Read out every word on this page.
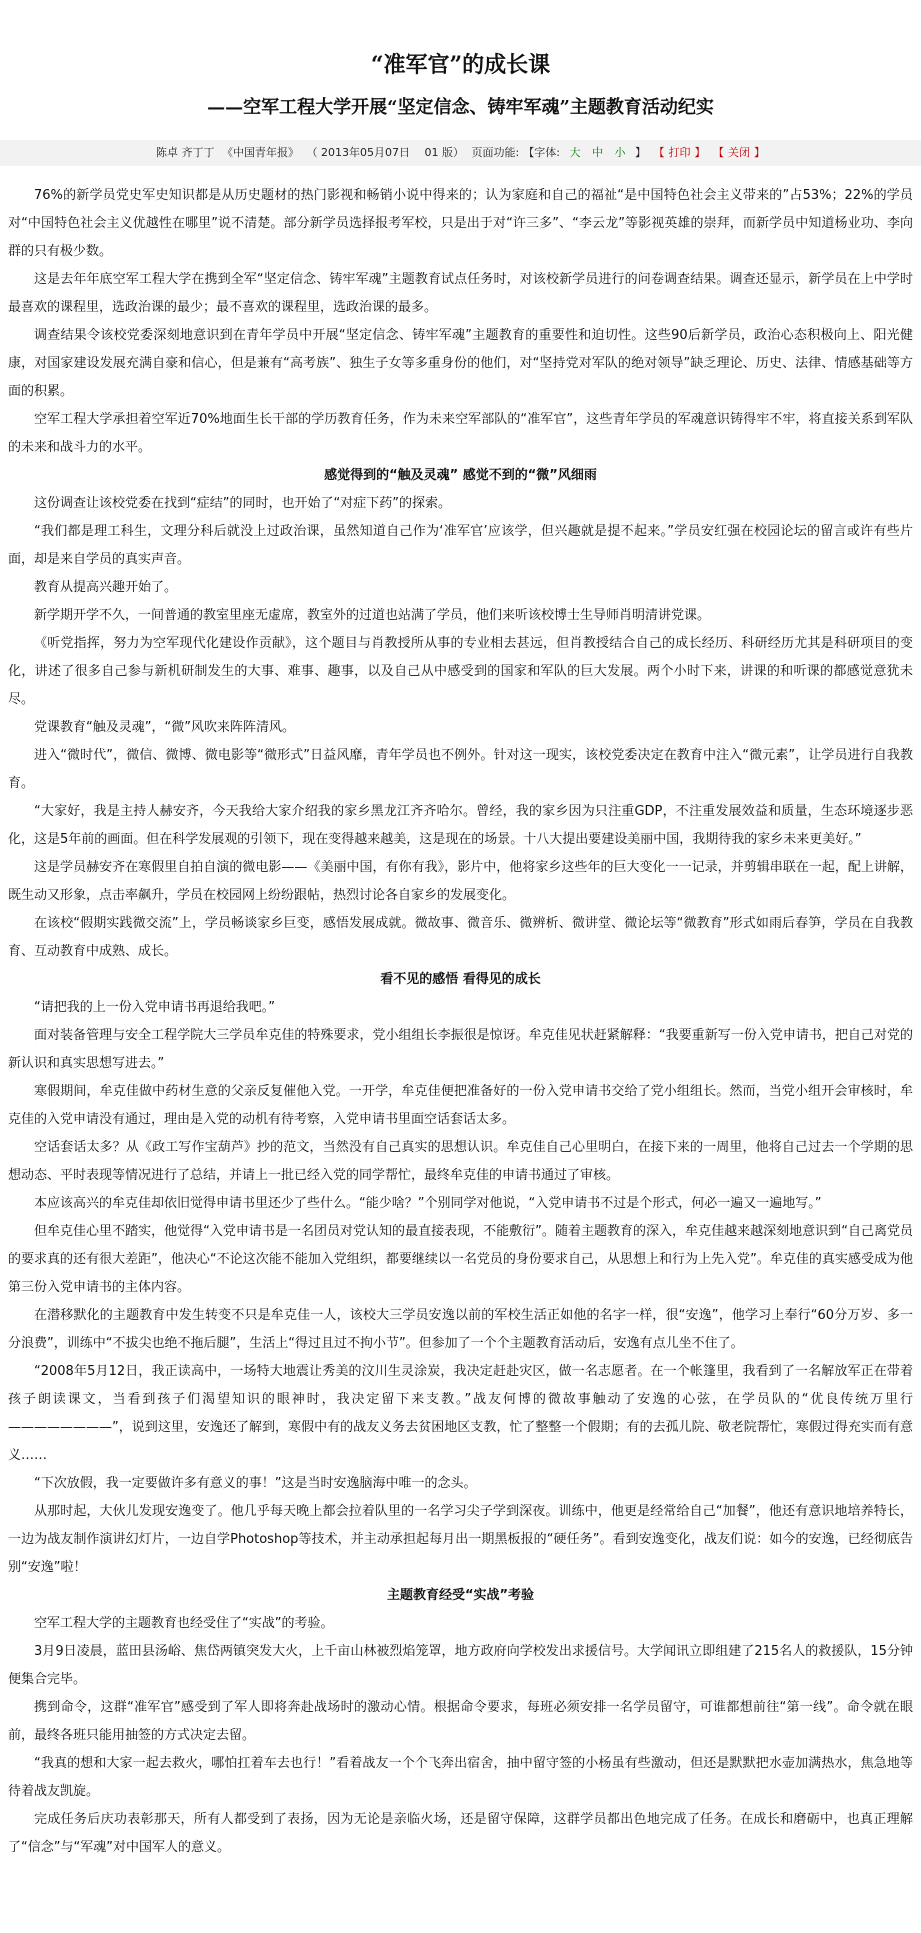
“准军官”的成长课
——空军工程大学开展“坚定信念、铸牢军魂”主题教育活动纪实
陈卓 齐丁丁 《中国青年报》 （ 2013年05月07日　 01 版） 页面功能: 【字体: 大 中 小 】 【 打印 】 【 关闭 】

76%的新学员党史军史知识都是从历史题材的热门影视和畅销小说中得来的；认为家庭和自己的福祉“是中国特色社会主义带来的”占53%；22%的学员对“中国特色社会主义优越性在哪里”说不清楚。部分新学员选择报考军校，只是出于对“许三多”、“李云龙”等影视英雄的崇拜，而新学员中知道杨业功、李向群的只有极少数。

这是去年年底空军工程大学在携到全军“坚定信念、铸牢军魂”主题教育试点任务时，对该校新学员进行的问卷调查结果。调查还显示，新学员在上中学时最喜欢的课程里，选政治课的最少；最不喜欢的课程里，选政治课的最多。

调查结果令该校党委深刻地意识到在青年学员中开展“坚定信念、铸牢军魂”主题教育的重要性和迫切性。这些90后新学员，政治心态积极向上、阳光健康，对国家建设发展充满自豪和信心，但是兼有“高考族”、独生子女等多重身份的他们，对“坚持党对军队的绝对领导”缺乏理论、历史、法律、情感基础等方面的积累。

空军工程大学承担着空军近70%地面生长干部的学历教育任务，作为未来空军部队的“准军官”，这些青年学员的军魂意识铸得牢不牢，将直接关系到军队的未来和战斗力的水平。

感觉得到的“触及灵魂” 感觉不到的“微”风细雨

这份调查让该校党委在找到“症结”的同时，也开始了“对症下药”的探索。

“我们都是理工科生，文理分科后就没上过政治课，虽然知道自己作为‘准军官’应该学，但兴趣就是提不起来。”学员安红强在校园论坛的留言或许有些片面，却是来自学员的真实声音。

教育从提高兴趣开始了。

新学期开学不久，一间普通的教室里座无虚席，教室外的过道也站满了学员，他们来听该校博士生导师肖明清讲党课。

《听党指挥，努力为空军现代化建设作贡献》，这个题目与肖教授所从事的专业相去甚远，但肖教授结合自己的成长经历、科研经历尤其是科研项目的变化，讲述了很多自己参与新机研制发生的大事、难事、趣事，以及自己从中感受到的国家和军队的巨大发展。两个小时下来，讲课的和听课的都感觉意犹未尽。

党课教育“触及灵魂”，“微”风吹来阵阵清风。

进入“微时代”，微信、微博、微电影等“微形式”日益风靡，青年学员也不例外。针对这一现实，该校党委决定在教育中注入“微元素”，让学员进行自我教育。

“大家好，我是主持人赫安齐，今天我给大家介绍我的家乡黑龙江齐齐哈尔。曾经，我的家乡因为只注重GDP，不注重发展效益和质量，生态环境逐步恶化，这是5年前的画面。但在科学发展观的引领下，现在变得越来越美，这是现在的场景。十八大提出要建设美丽中国，我期待我的家乡未来更美好。”

这是学员赫安齐在寒假里自拍自演的微电影——《美丽中国，有你有我》，影片中，他将家乡这些年的巨大变化一一记录，并剪辑串联在一起，配上讲解，既生动又形象，点击率飙升，学员在校园网上纷纷跟帖，热烈讨论各自家乡的发展变化。

在该校“假期实践微交流”上，学员畅谈家乡巨变，感悟发展成就。微故事、微音乐、微辨析、微讲堂、微论坛等“微教育”形式如雨后春笋，学员在自我教育、互动教育中成熟、成长。

看不见的感悟 看得见的成长

“请把我的上一份入党申请书再退给我吧。”

面对装备管理与安全工程学院大三学员牟克佳的特殊要求，党小组组长李振很是惊讶。牟克佳见状赶紧解释：“我要重新写一份入党申请书，把自己对党的新认识和真实思想写进去。”

寒假期间，牟克佳做中药材生意的父亲反复催他入党。一开学，牟克佳便把准备好的一份入党申请书交给了党小组组长。然而，当党小组开会审核时，牟克佳的入党申请没有通过，理由是入党的动机有待考察，入党申请书里面空话套话太多。

空话套话太多？从《政工写作宝葫芦》抄的范文，当然没有自己真实的思想认识。牟克佳自己心里明白，在接下来的一周里，他将自己过去一个学期的思想动态、平时表现等情况进行了总结，并请上一批已经入党的同学帮忙，最终牟克佳的申请书通过了审核。

本应该高兴的牟克佳却依旧觉得申请书里还少了些什么。“能少啥？”个别同学对他说，“入党申请书不过是个形式，何必一遍又一遍地写。”

但牟克佳心里不踏实，他觉得“入党申请书是一名团员对党认知的最直接表现，不能敷衍”。随着主题教育的深入，牟克佳越来越深刻地意识到“自己离党员的要求真的还有很大差距”，他决心“不论这次能不能加入党组织，都要继续以一名党员的身份要求自己，从思想上和行为上先入党”。牟克佳的真实感受成为他第三份入党申请书的主体内容。

在潜移默化的主题教育中发生转变不只是牟克佳一人，该校大三学员安逸以前的军校生活正如他的名字一样，很“安逸”，他学习上奉行“60分万岁、多一分浪费”，训练中“不拔尖也绝不拖后腿”，生活上“得过且过不拘小节”。但参加了一个个主题教育活动后，安逸有点儿坐不住了。

“2008年5月12日，我正读高中，一场特大地震让秀美的汶川生灵涂炭，我决定赶赴灾区，做一名志愿者。在一个帐篷里，我看到了一名解放军正在带着孩子朗读课文，当看到孩子们渴望知识的眼神时，我决定留下来支教。”战友何博的微故事触动了安逸的心弦，在学员队的“优良传统万里行————————”，说到这里，安逸还了解到，寒假中有的战友义务去贫困地区支教，忙了整整一个假期；有的去孤儿院、敬老院帮忙，寒假过得充实而有意义……

“下次放假，我一定要做许多有意义的事！”这是当时安逸脑海中唯一的念头。

从那时起，大伙儿发现安逸变了。他几乎每天晚上都会拉着队里的一名学习尖子学到深夜。训练中，他更是经常给自己“加餐”，他还有意识地培养特长，一边为战友制作演讲幻灯片，一边自学Photoshop等技术，并主动承担起每月出一期黑板报的“硬任务”。看到安逸变化，战友们说：如今的安逸，已经彻底告别“安逸”啦！

主题教育经受“实战”考验

空军工程大学的主题教育也经受住了“实战”的考验。

3月9日凌晨，蓝田县汤峪、焦岱两镇突发大火，上千亩山林被烈焰笼罩，地方政府向学校发出求援信号。大学闻讯立即组建了215名人的救援队，15分钟便集合完毕。

携到命令，这群“准军官”感受到了军人即将奔赴战场时的激动心情。根据命令要求，每班必须安排一名学员留守，可谁都想前往“第一线”。命令就在眼前，最终各班只能用抽签的方式决定去留。

“我真的想和大家一起去救火，哪怕扛着车去也行！”看着战友一个个飞奔出宿舍，抽中留守签的小杨虽有些激动，但还是默默把水壶加满热水，焦急地等待着战友凯旋。

完成任务后庆功表彰那天，所有人都受到了表扬，因为无论是亲临火场，还是留守保障，这群学员都出色地完成了任务。在成长和磨砺中，也真正理解了“信念”与“军魂”对中国军人的意义。
